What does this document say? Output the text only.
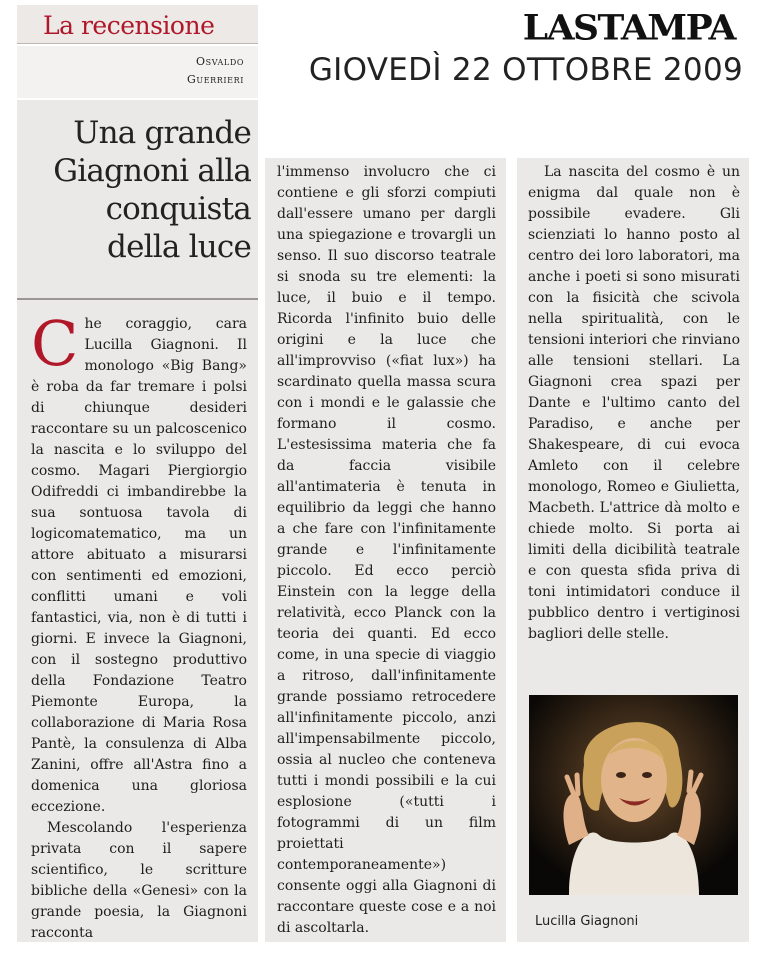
La recensione
Osvaldo
Guerrieri
LASTAMPA
GIOVEDÌ 22 OTTOBRE 2009
Una grande Giagnoni alla conquista della luce

Che coraggio, cara Lucilla Giagnoni. Il monologo «Big Bang» è roba da far tremare i polsi di chiunque desideri raccontare su un palcoscenico la nascita e lo sviluppo del cosmo. Magari Piergiorgio Odifreddi ci imbandirebbe la sua sontuosa tavola di logicomatematico, ma un attore abituato a misurarsi con sentimenti ed emozioni, conflitti umani e voli fantastici, via, non è di tutti i giorni. E invece la Giagnoni, con il sostegno produttivo della Fondazione Teatro Piemonte Europa, la collaborazione di Maria Rosa Pantè, la consulenza di Alba Zanini, offre all'Astra fino a domenica una gloriosa eccezione.

Mescolando l'esperienza privata con il sapere scientifico, le scritture bibliche della «Genesi» con la grande poesia, la Giagnoni racconta

l'immenso involucro che ci contiene e gli sforzi compiuti dall'essere umano per dargli una spiegazione e trovargli un senso. Il suo discorso teatrale si snoda su tre elementi: la luce, il buio e il tempo. Ricorda l'infinito buio delle origini e la luce che all'improvviso («fiat lux») ha scardinato quella massa scura con i mondi e le galassie che formano il cosmo. L'estesissima materia che fa da faccia visibile all'antimateria è tenuta in equilibrio da leggi che hanno a che fare con l'infinitamente grande e l'infinitamente piccolo. Ed ecco perciò Einstein con la legge della relatività, ecco Planck con la teoria dei quanti. Ed ecco come, in una specie di viaggio a ritroso, dall'infinitamente grande possiamo retrocedere all'infinitamente piccolo, anzi all'impensabilmente piccolo, ossia al nucleo che conteneva tutti i mondi possibili e la cui esplosione («tutti i fotogrammi di un film proiettati contemporaneamente») consente oggi alla Giagnoni di raccontare queste cose e a noi di ascoltarla.

La nascita del cosmo è un enigma dal quale non è possibile evadere. Gli scienziati lo hanno posto al centro dei loro laboratori, ma anche i poeti si sono misurati con la fisicità che scivola nella spiritualità, con le tensioni interiori che rinviano alle tensioni stellari. La Giagnoni crea spazi per Dante e l'ultimo canto del Paradiso, e anche per Shakespeare, di cui evoca Amleto con il celebre monologo, Romeo e Giulietta, Macbeth. L'attrice dà molto e chiede molto. Si porta ai limiti della dicibilità teatrale e con questa sfida priva di toni intimidatori conduce il pubblico dentro i vertiginosi bagliori delle stelle.

Lucilla Giagnoni
